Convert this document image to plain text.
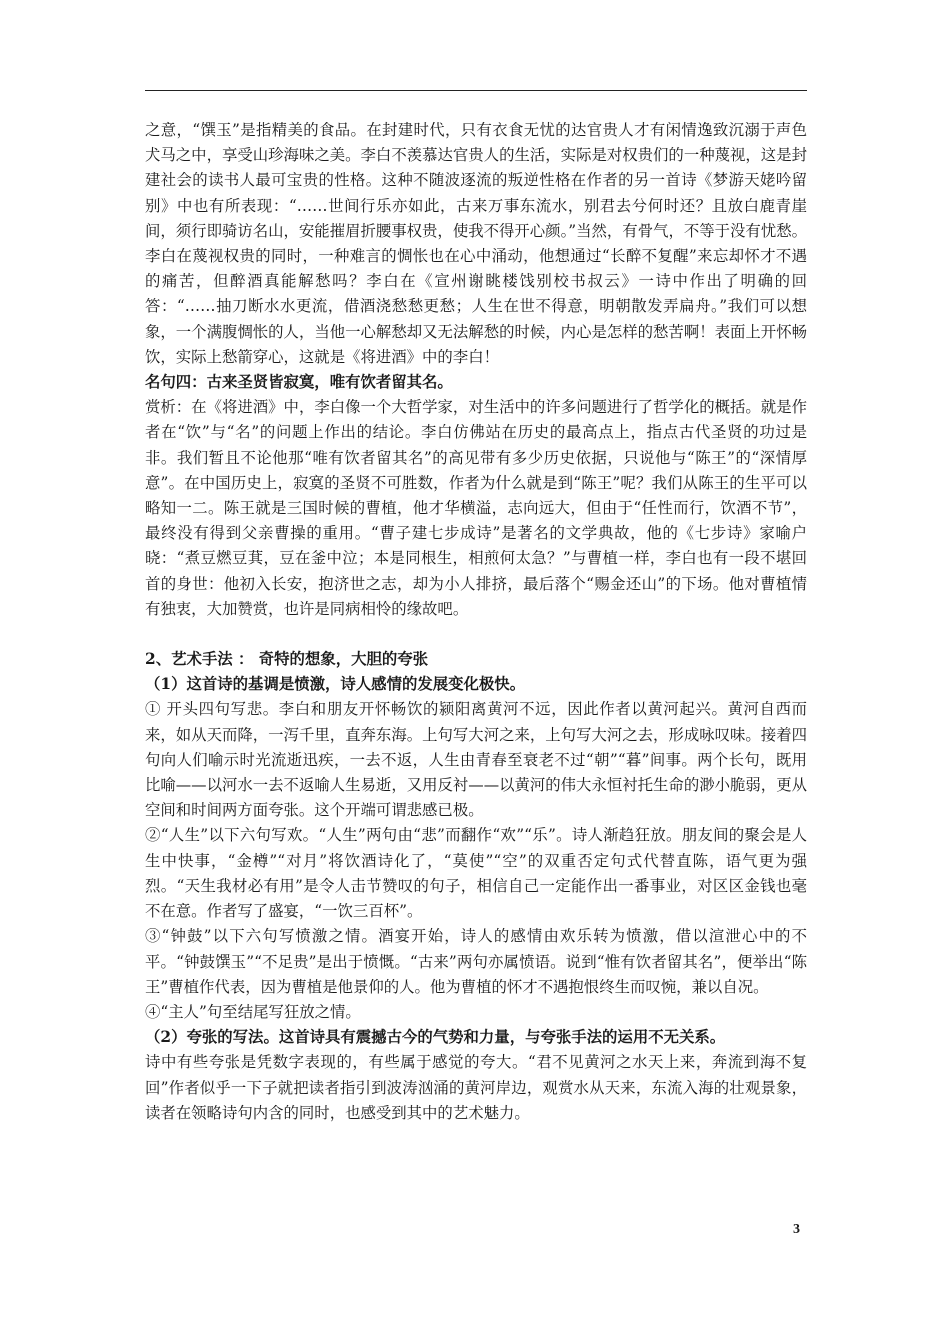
之意，“馔玉”是指精美的食品。在封建时代，只有衣食无忧的达官贵人才有闲情逸致沉溺于声色犬马之中，享受山珍海味之美。李白不羡慕达官贵人的生活，实际是对权贵们的一种蔑视，这是封建社会的读书人最可宝贵的性格。这种不随波逐流的叛逆性格在作者的另一首诗《梦游天姥吟留别》中也有所表现：“……世间行乐亦如此，古来万事东流水，别君去兮何时还？且放白鹿青崖间，须行即骑访名山，安能摧眉折腰事权贵，使我不得开心颜。”当然，有骨气，不等于没有忧愁。李白在蔑视权贵的同时，一种难言的惆怅也在心中涌动，他想通过“长醉不复醒”来忘却怀才不遇的痛苦，但醉酒真能解愁吗？李白在《宣州谢眺楼饯别校书叔云》一诗中作出了明确的回答：“……抽刀断水水更流，借酒浇愁愁更愁；人生在世不得意，明朝散发弄扁舟。”我们可以想象，一个满腹惆怅的人，当他一心解愁却又无法解愁的时候，内心是怎样的愁苦啊！表面上开怀畅饮，实际上愁箭穿心，这就是《将进酒》中的李白！

名句四：古来圣贤皆寂寞，唯有饮者留其名。

赏析：在《将进酒》中，李白像一个大哲学家，对生活中的许多问题进行了哲学化的概括。就是作者在“饮”与“名”的问题上作出的结论。李白仿佛站在历史的最高点上，指点古代圣贤的功过是非。我们暂且不论他那“唯有饮者留其名”的高见带有多少历史依据，只说他与“陈王”的“深情厚意”。在中国历史上，寂寞的圣贤不可胜数，作者为什么就是到“陈王”呢？我们从陈王的生平可以略知一二。陈王就是三国时候的曹植，他才华横溢，志向远大，但由于“任性而行，饮酒不节”，最终没有得到父亲曹操的重用。“曹子建七步成诗”是著名的文学典故，他的《七步诗》家喻户晓：“煮豆燃豆萁，豆在釜中泣；本是同根生，相煎何太急？”与曹植一样，李白也有一段不堪回首的身世：他初入长安，抱济世之志，却为小人排挤，最后落个“赐金还山”的下场。他对曹植情有独衷，大加赞赏，也许是同病相怜的缘故吧。

2、艺术手法 ： 奇特的想象，大胆的夸张

（1）这首诗的基调是愤激，诗人感情的发展变化极快。

① 开头四句写悲。李白和朋友开怀畅饮的颍阳离黄河不远，因此作者以黄河起兴。黄河自西而来，如从天而降，一泻千里，直奔东海。上句写大河之来，上句写大河之去，形成咏叹味。接着四句向人们喻示时光流逝迅疾，一去不返，人生由青春至衰老不过“朝”“暮”间事。两个长句，既用比喻——以河水一去不返喻人生易逝，又用反衬——以黄河的伟大永恒衬托生命的渺小脆弱，更从空间和时间两方面夸张。这个开端可谓悲感已极。

②“人生”以下六句写欢。“人生”两句由“悲”而翻作“欢”“乐”。诗人渐趋狂放。朋友间的聚会是人生中快事，“金樽”“对月”将饮酒诗化了，“莫使”“空”的双重否定句式代替直陈，语气更为强烈。“天生我材必有用”是令人击节赞叹的句子，相信自己一定能作出一番事业，对区区金钱也毫不在意。作者写了盛宴，“一饮三百杯”。

③“钟鼓”以下六句写愤激之情。酒宴开始，诗人的感情由欢乐转为愤激，借以渲泄心中的不平。“钟鼓馔玉”“不足贵”是出于愤慨。“古来”两句亦属愤语。说到“惟有饮者留其名”，便举出“陈王”曹植作代表，因为曹植是他景仰的人。他为曹植的怀才不遇抱恨终生而叹惋，兼以自况。

④“主人”句至结尾写狂放之情。

（2）夸张的写法。这首诗具有震撼古今的气势和力量，与夸张手法的运用不无关系。

诗中有些夸张是凭数字表现的，有些属于感觉的夸大。“君不见黄河之水天上来，奔流到海不复回”作者似乎一下子就把读者指引到波涛汹涌的黄河岸边，观赏水从天来，东流入海的壮观景象，读者在领略诗句内含的同时，也感受到其中的艺术魅力。

3
